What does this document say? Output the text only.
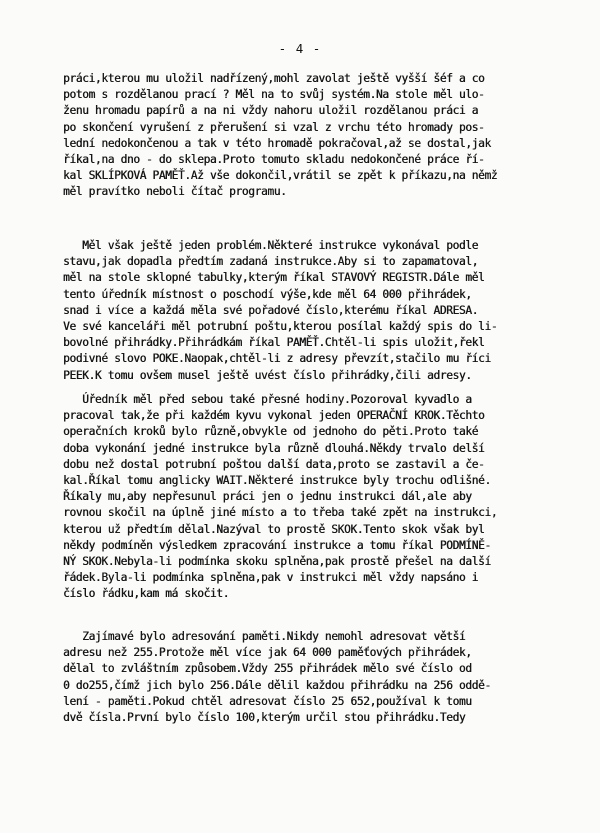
- 4 -
práci,kterou mu uložil nadřízený,mohl zavolat ještě vyšší šéf a co
potom s rozdělanou prací ? Měl na to svůj systém.Na stole měl ulo-
ženu hromadu papírů a na ni vždy nahoru uložil rozdělanou práci a
po skončení vyrušení z přerušení si vzal z vrchu této hromady pos-
lední nedokončenou a tak v této hromadě pokračoval,až se dostal,jak
říkal,na dno - do sklepa.Proto tomuto skladu nedokončené práce ří-
kal SKLÍPKOVÁ PAMĚŤ.Až vše dokončil,vrátil se zpět k příkazu,na němž
měl pravítko neboli čítač programu.
Měl však ještě jeden problém.Některé instrukce vykonával podle
stavu,jak dopadla předtím zadaná instrukce.Aby si to zapamatoval,
měl na stole sklopné tabulky,kterým říkal STAVOVÝ REGISTR.Dále měl
tento úředník místnost o poschodí výše,kde měl 64 000 přihrádek,
snad i více a každá měla své pořadové číslo,kterému říkal ADRESA.
Ve své kanceláři měl potrubní poštu,kterou posílal každý spis do li-
bovolné přihrádky.Přihrádkám říkal PAMĚŤ.Chtěl-li spis uložit,řekl
podivné slovo POKE.Naopak,chtěl-li z adresy převzít,stačilo mu říci
PEEK.K tomu ovšem musel ještě uvést číslo přihrádky,čili adresy.
Úředník měl před sebou také přesné hodiny.Pozoroval kyvadlo a
pracoval tak,že při každém kyvu vykonal jeden OPERAČNÍ KROK.Těchto
operačních kroků bylo různě,obvykle od jednoho do pěti.Proto také
doba vykonání jedné instrukce byla různě dlouhá.Někdy trvalo delší
dobu než dostal potrubní poštou další data,proto se zastavil a če-
kal.Říkal tomu anglicky WAIT.Některé instrukce byly trochu odlišné.
Říkaly mu,aby nepřesunul práci jen o jednu instrukci dál,ale aby
rovnou skočil na úplně jiné místo a to třeba také zpět na instrukci,
kterou už předtím dělal.Nazýval to prostě SKOK.Tento skok však byl
někdy podmíněn výsledkem zpracování instrukce a tomu říkal PODMÍNĚ-
NÝ SKOK.Nebyla-li podmínka skoku splněna,pak prostě přešel na další
řádek.Byla-li podmínka splněna,pak v instrukci měl vždy napsáno i
číslo řádku,kam má skočit.
Zajímavé bylo adresování paměti.Nikdy nemohl adresovat větší
adresu než 255.Protože měl více jak 64 000 paměťových přihrádek,
dělal to zvláštním způsobem.Vždy 255 přihrádek mělo své číslo od
0 do255,čímž jich bylo 256.Dále dělil každou přihrádku na 256 oddě-
lení - paměti.Pokud chtěl adresovat číslo 25 652,používal k tomu
dvě čísla.První bylo číslo 100,kterým určil stou přihrádku.Tedy
